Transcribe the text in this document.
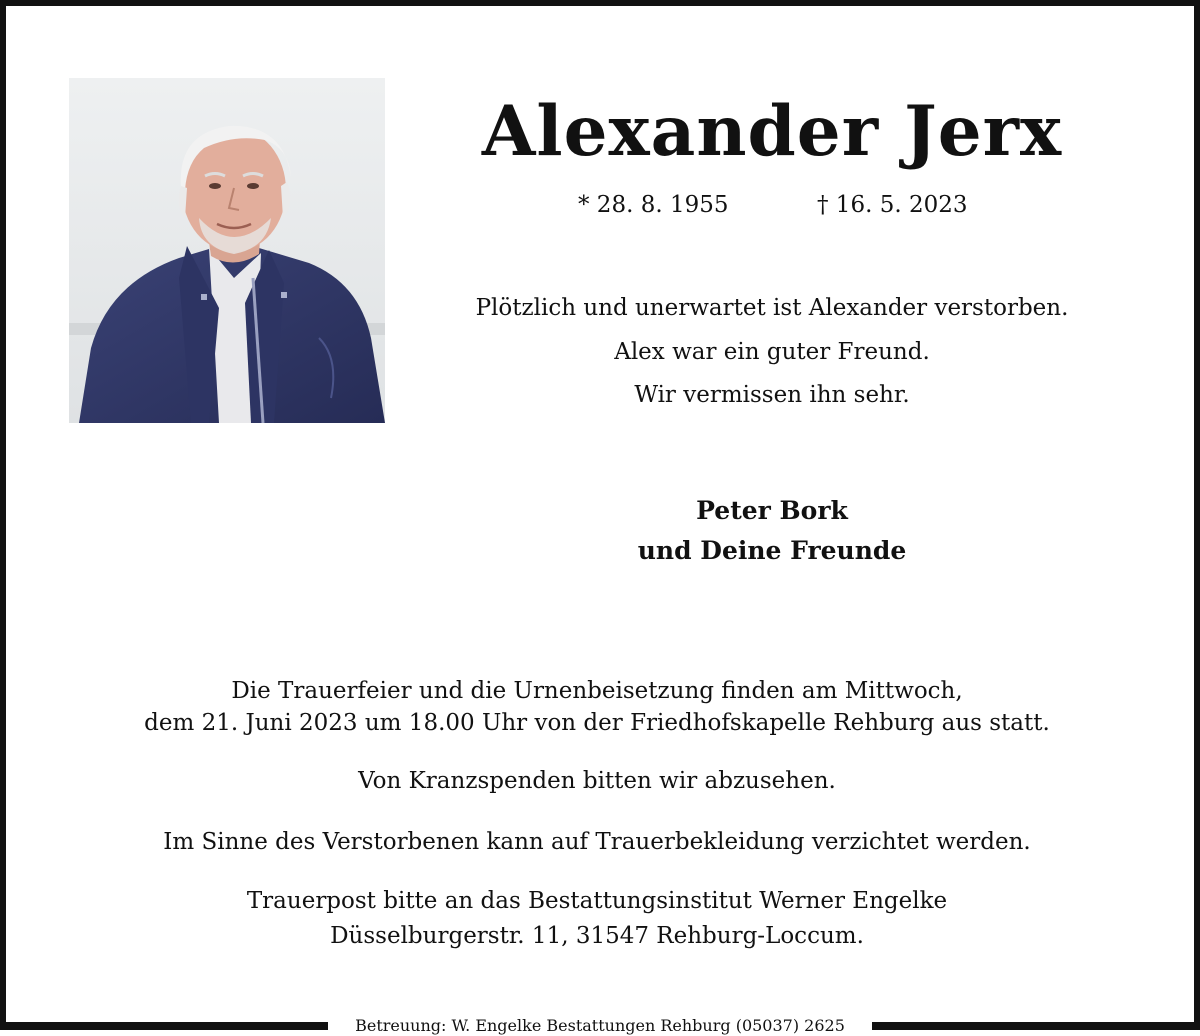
Alexander Jerx
* 28. 8. 1955	† 16. 5. 2023
Plötzlich und unerwartet ist Alexander verstorben.
Alex war ein guter Freund.
Wir vermissen ihn sehr.
Peter Bork
und Deine Freunde
Die Trauerfeier und die Urnenbeisetzung finden am Mittwoch,
dem 21. Juni 2023 um 18.00 Uhr von der Friedhofskapelle Rehburg aus statt.
Von Kranzspenden bitten wir abzusehen.
Im Sinne des Verstorbenen kann auf Trauerbekleidung verzichtet werden.
Trauerpost bitte an das Bestattungsinstitut Werner Engelke
Düsselburgerstr. 11, 31547 Rehburg-Loccum.
Betreuung: W. Engelke Bestattungen Rehburg (05037) 2625
